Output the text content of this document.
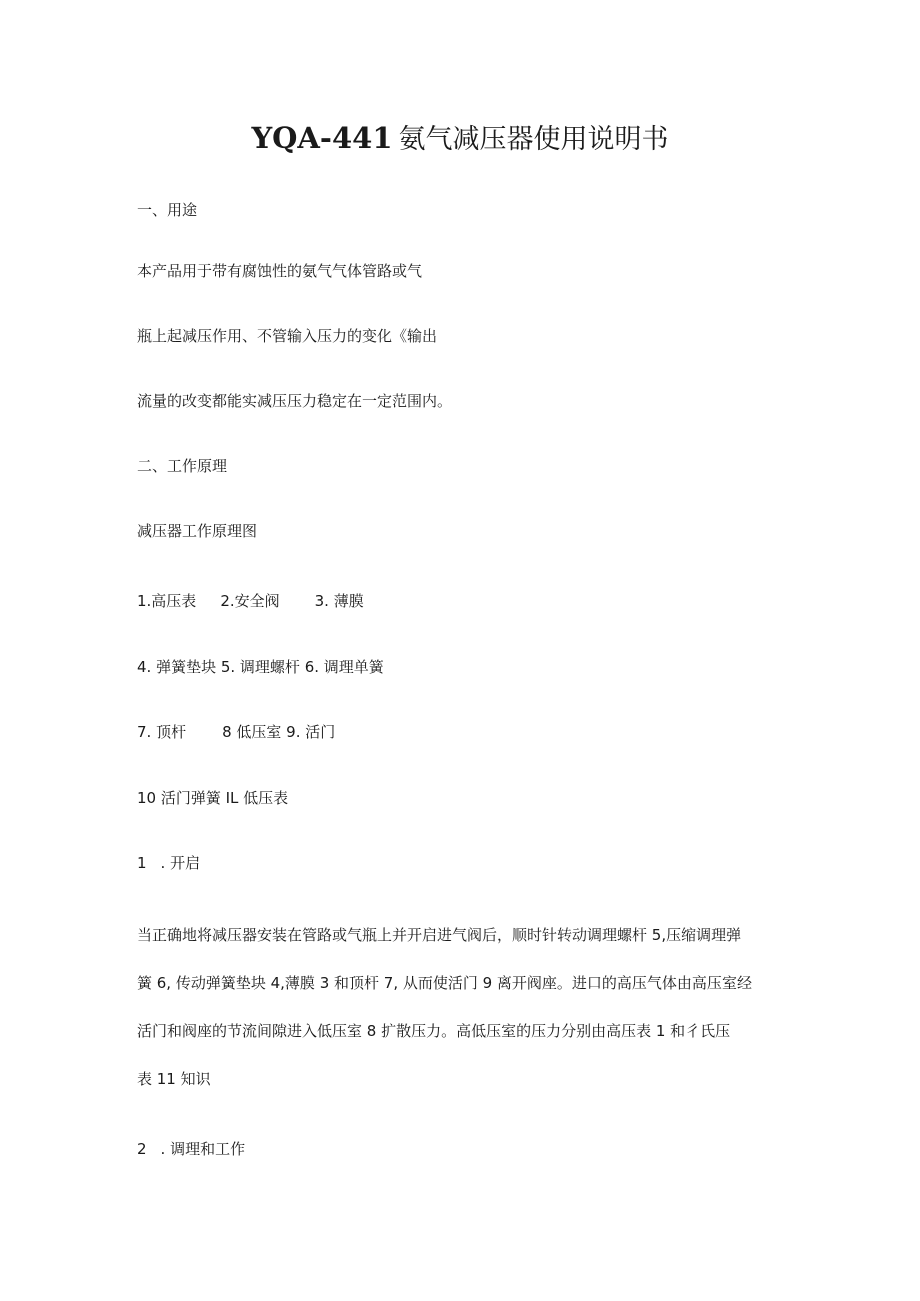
YQA-441 氨气减压器使用说明书
一、用途
本产品用于带有腐蚀性的氨气气体管路或气
瓶上起减压作用、不管输入压力的变化《输出
流量的改变都能实减压压力稳定在一定范围内。
二、工作原理
减压器工作原理图
1.高压表 2.安全阀 3. 薄膜
4. 弹簧垫块 5. 调理螺杆 6. 调理单簧
7. 顶杆 8 低压室 9. 活门
10 活门弹簧 IL 低压表
1 . 开启
当正确地将减压器安装在管路或气瓶上并开启进气阀后，顺时针转动调理螺杆 5,压缩调理弹
簧 6, 传动弹簧垫块 4,薄膜 3 和顶杆 7, 从而使活门 9 离开阀座。进口的高压气体由高压室经
活门和阀座的节流间隙进入低压室 8 扩散压力。高低压室的压力分别由高压表 1 和彳氏压
表 11 知识
2 . 调理和工作
